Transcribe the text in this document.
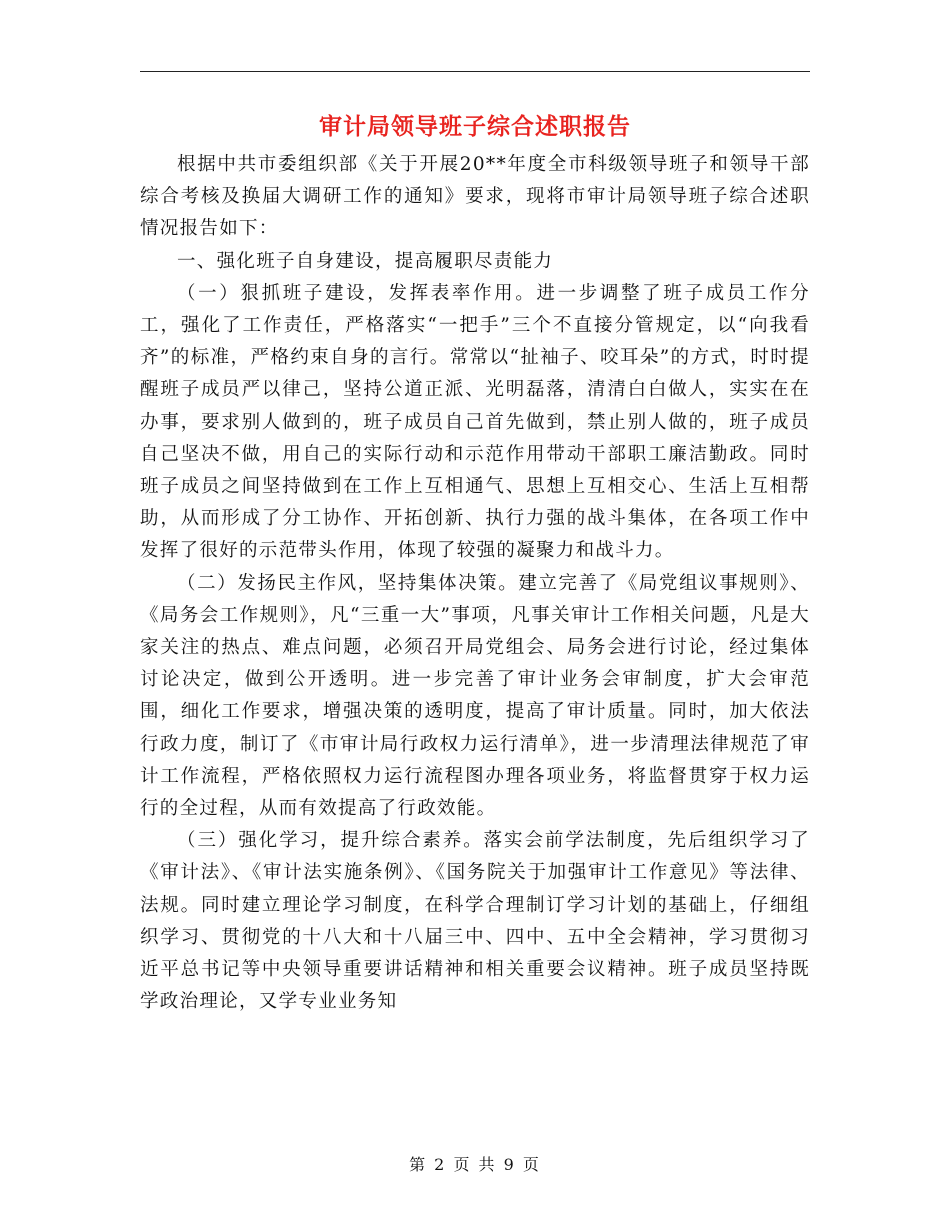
审计局领导班子综合述职报告

根据中共市委组织部《关于开展20**年度全市科级领导班子和领导干部综合考核及换届大调研工作的通知》要求，现将市审计局领导班子综合述职情况报告如下：

一、强化班子自身建设，提高履职尽责能力

（一）狠抓班子建设，发挥表率作用。进一步调整了班子成员工作分工，强化了工作责任，严格落实“一把手”三个不直接分管规定，以“向我看齐”的标准，严格约束自身的言行。常常以“扯袖子、咬耳朵”的方式，时时提醒班子成员严以律己，坚持公道正派、光明磊落，清清白白做人，实实在在办事，要求别人做到的，班子成员自己首先做到，禁止别人做的，班子成员自己坚决不做，用自己的实际行动和示范作用带动干部职工廉洁勤政。同时班子成员之间坚持做到在工作上互相通气、思想上互相交心、生活上互相帮助，从而形成了分工协作、开拓创新、执行力强的战斗集体，在各项工作中发挥了很好的示范带头作用，体现了较强的凝聚力和战斗力。

（二）发扬民主作风，坚持集体决策。建立完善了《局党组议事规则》、《局务会工作规则》，凡“三重一大”事项，凡事关审计工作相关问题，凡是大家关注的热点、难点问题，必须召开局党组会、局务会进行讨论，经过集体讨论决定，做到公开透明。进一步完善了审计业务会审制度，扩大会审范围，细化工作要求，增强决策的透明度，提高了审计质量。同时，加大依法行政力度，制订了《市审计局行政权力运行清单》，进一步清理法律规范了审计工作流程，严格依照权力运行流程图办理各项业务，将监督贯穿于权力运行的全过程，从而有效提高了行政效能。

（三）强化学习，提升综合素养。落实会前学法制度，先后组织学习了《审计法》、《审计法实施条例》、《国务院关于加强审计工作意见》等法律、法规。同时建立理论学习制度，在科学合理制订学习计划的基础上，仔细组织学习、贯彻党的十八大和十八届三中、四中、五中全会精神，学习贯彻习近平总书记等中央领导重要讲话精神和相关重要会议精神。班子成员坚持既学政治理论，又学专业业务知

第 2 页 共 9 页
